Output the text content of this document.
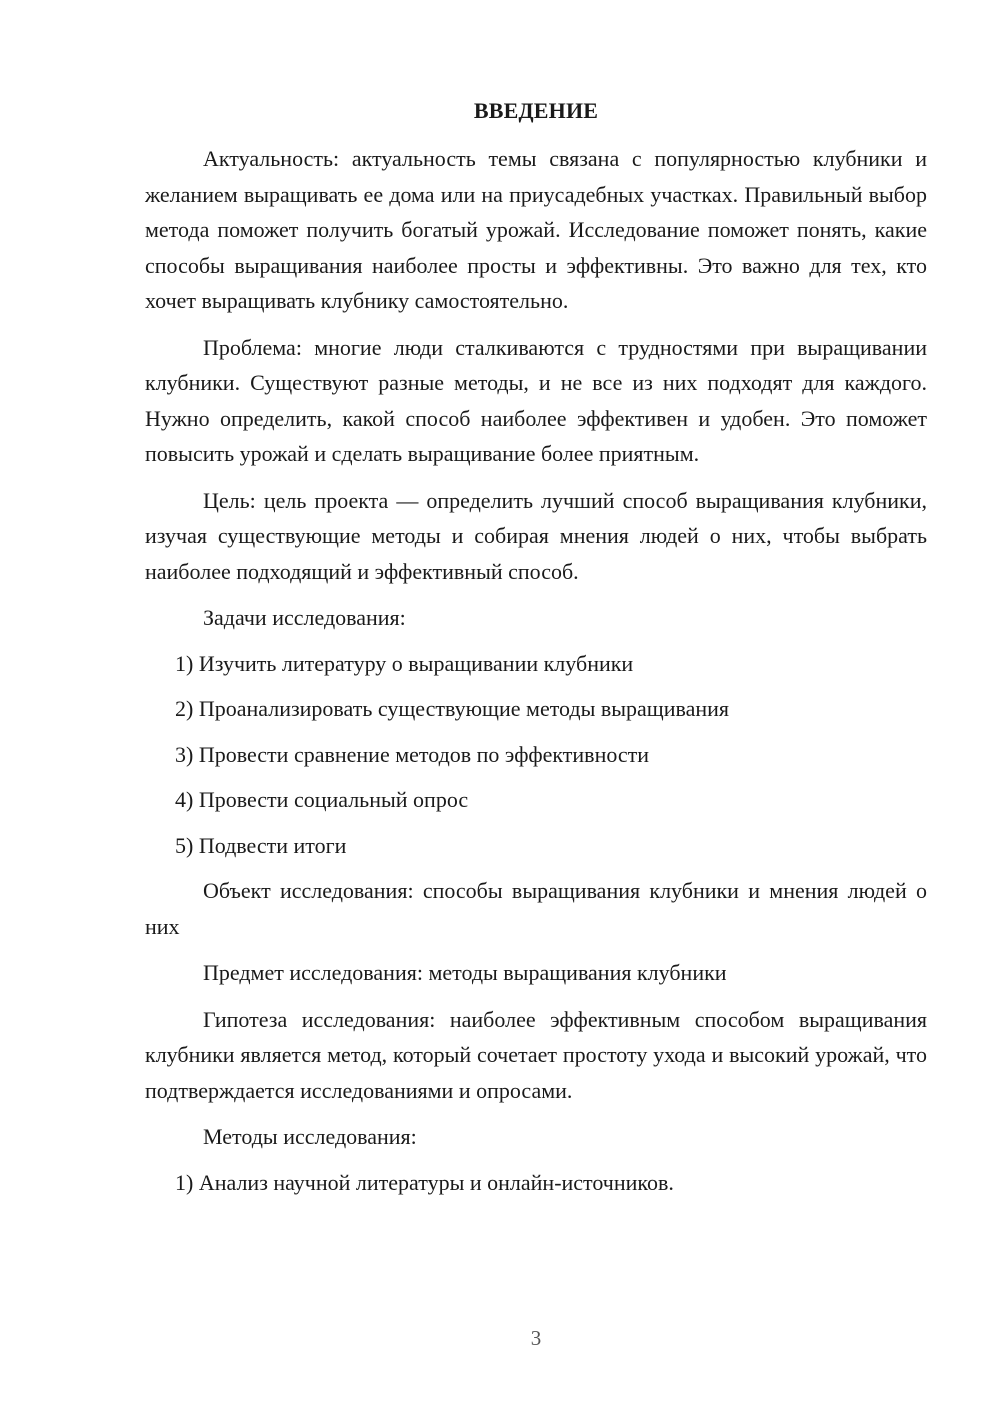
ВВЕДЕНИЕ

Актуальность: актуальность темы связана с популярностью клубники и желанием выращивать ее дома или на приусадебных участках. Правильный выбор метода поможет получить богатый урожай. Исследование поможет понять, какие способы выращивания наиболее просты и эффективны. Это важно для тех, кто хочет выращивать клубнику самостоятельно.

Проблема: многие люди сталкиваются с трудностями при выращивании клубники. Существуют разные методы, и не все из них подходят для каждого. Нужно определить, какой способ наиболее эффективен и удобен. Это поможет повысить урожай и сделать выращивание более приятным.

Цель: цель проекта — определить лучший способ выращивания клубники, изучая существующие методы и собирая мнения людей о них, чтобы выбрать наиболее подходящий и эффективный способ.

Задачи исследования:

1) Изучить литературу о выращивании клубники
2) Проанализировать существующие методы выращивания
3) Провести сравнение методов по эффективности
4) Провести социальный опрос
5) Подвести итоги

Объект исследования: способы выращивания клубники и мнения людей о них

Предмет исследования: методы выращивания клубники

Гипотеза исследования: наиболее эффективным способом выращивания клубники является метод, который сочетает простоту ухода и высокий урожай, что подтверждается исследованиями и опросами.

Методы исследования:

1) Анализ научной литературы и онлайн-источников.
3
